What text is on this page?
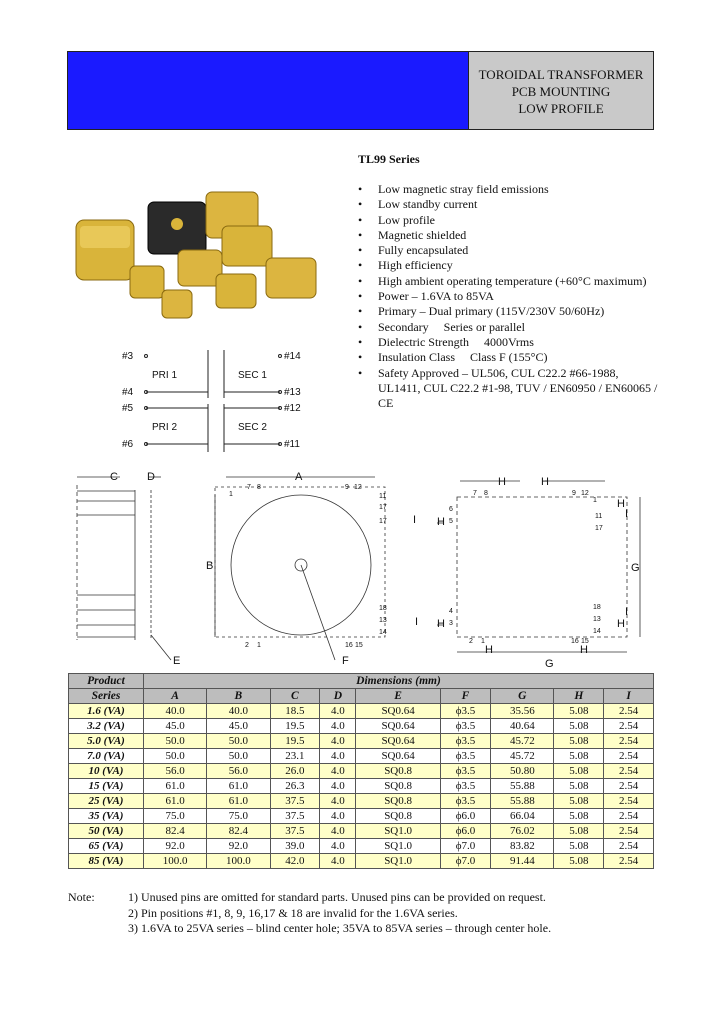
TOROIDAL TRANSFORMER
PCB MOUNTING
LOW PROFILE
TL99 Series
• Low magnetic stray field emissions
• Low standby current
• Low profile
• Magnetic shielded
• Fully encapsulated
• High efficiency
• High ambient operating temperature (+60°C maximum)
• Power – 1.6VA to 85VA
• Primary – Dual primary (115V/230V 50/60Hz)
• Secondary     Series or parallel
• Dielectric Strength     4000Vrms
• Insulation Class     Class F (155°C)
• Safety Approved – UL506, CUL C22.2 #66-1988, UL1411, CUL C22.2 #1-98, TUV / EN60950 / EN60065 / CE
#3
#4
#5
#6
#14
#13
#12
#11
PRI 1
PRI 2
SEC 1
SEC 2
C	D
E
A
B
F
H	H
H
H
H
H
H	H
G
G
I	I
I
I
7 8	9 12
1	11
17
17
18
13
14
2 1	16 15
7 8	9 12
1
6
5
11
17
4
3
18
13
14
2 1	16 15
Product	Dimensions (mm)								
Series	A	B	C	D	E	F	G	H	I
1.6 (VA)	40.0	40.0	18.5	4.0	SQ0.64	ϕ3.5	35.56	5.08	2.54
3.2 (VA)	45.0	45.0	19.5	4.0	SQ0.64	ϕ3.5	40.64	5.08	2.54
5.0 (VA)	50.0	50.0	19.5	4.0	SQ0.64	ϕ3.5	45.72	5.08	2.54
7.0 (VA)	50.0	50.0	23.1	4.0	SQ0.64	ϕ3.5	45.72	5.08	2.54
10 (VA)	56.0	56.0	26.0	4.0	SQ0.8	ϕ3.5	50.80	5.08	2.54
15 (VA)	61.0	61.0	26.3	4.0	SQ0.8	ϕ3.5	55.88	5.08	2.54
25 (VA)	61.0	61.0	37.5	4.0	SQ0.8	ϕ3.5	55.88	5.08	2.54
35 (VA)	75.0	75.0	37.5	4.0	SQ0.8	ϕ6.0	66.04	5.08	2.54
50 (VA)	82.4	82.4	37.5	4.0	SQ1.0	ϕ6.0	76.02	5.08	2.54
65 (VA)	92.0	92.0	39.0	4.0	SQ1.0	ϕ7.0	83.82	5.08	2.54
85 (VA)	100.0	100.0	42.0	4.0	SQ1.0	ϕ7.0	91.44	5.08	2.54
Note:	1) Unused pins are omitted for standard parts. Unused pins can be provided on request.
2) Pin positions #1, 8, 9, 16,17 & 18 are invalid for the 1.6VA series.
3) 1.6VA to 25VA series – blind center hole; 35VA to 85VA series – through center hole.
